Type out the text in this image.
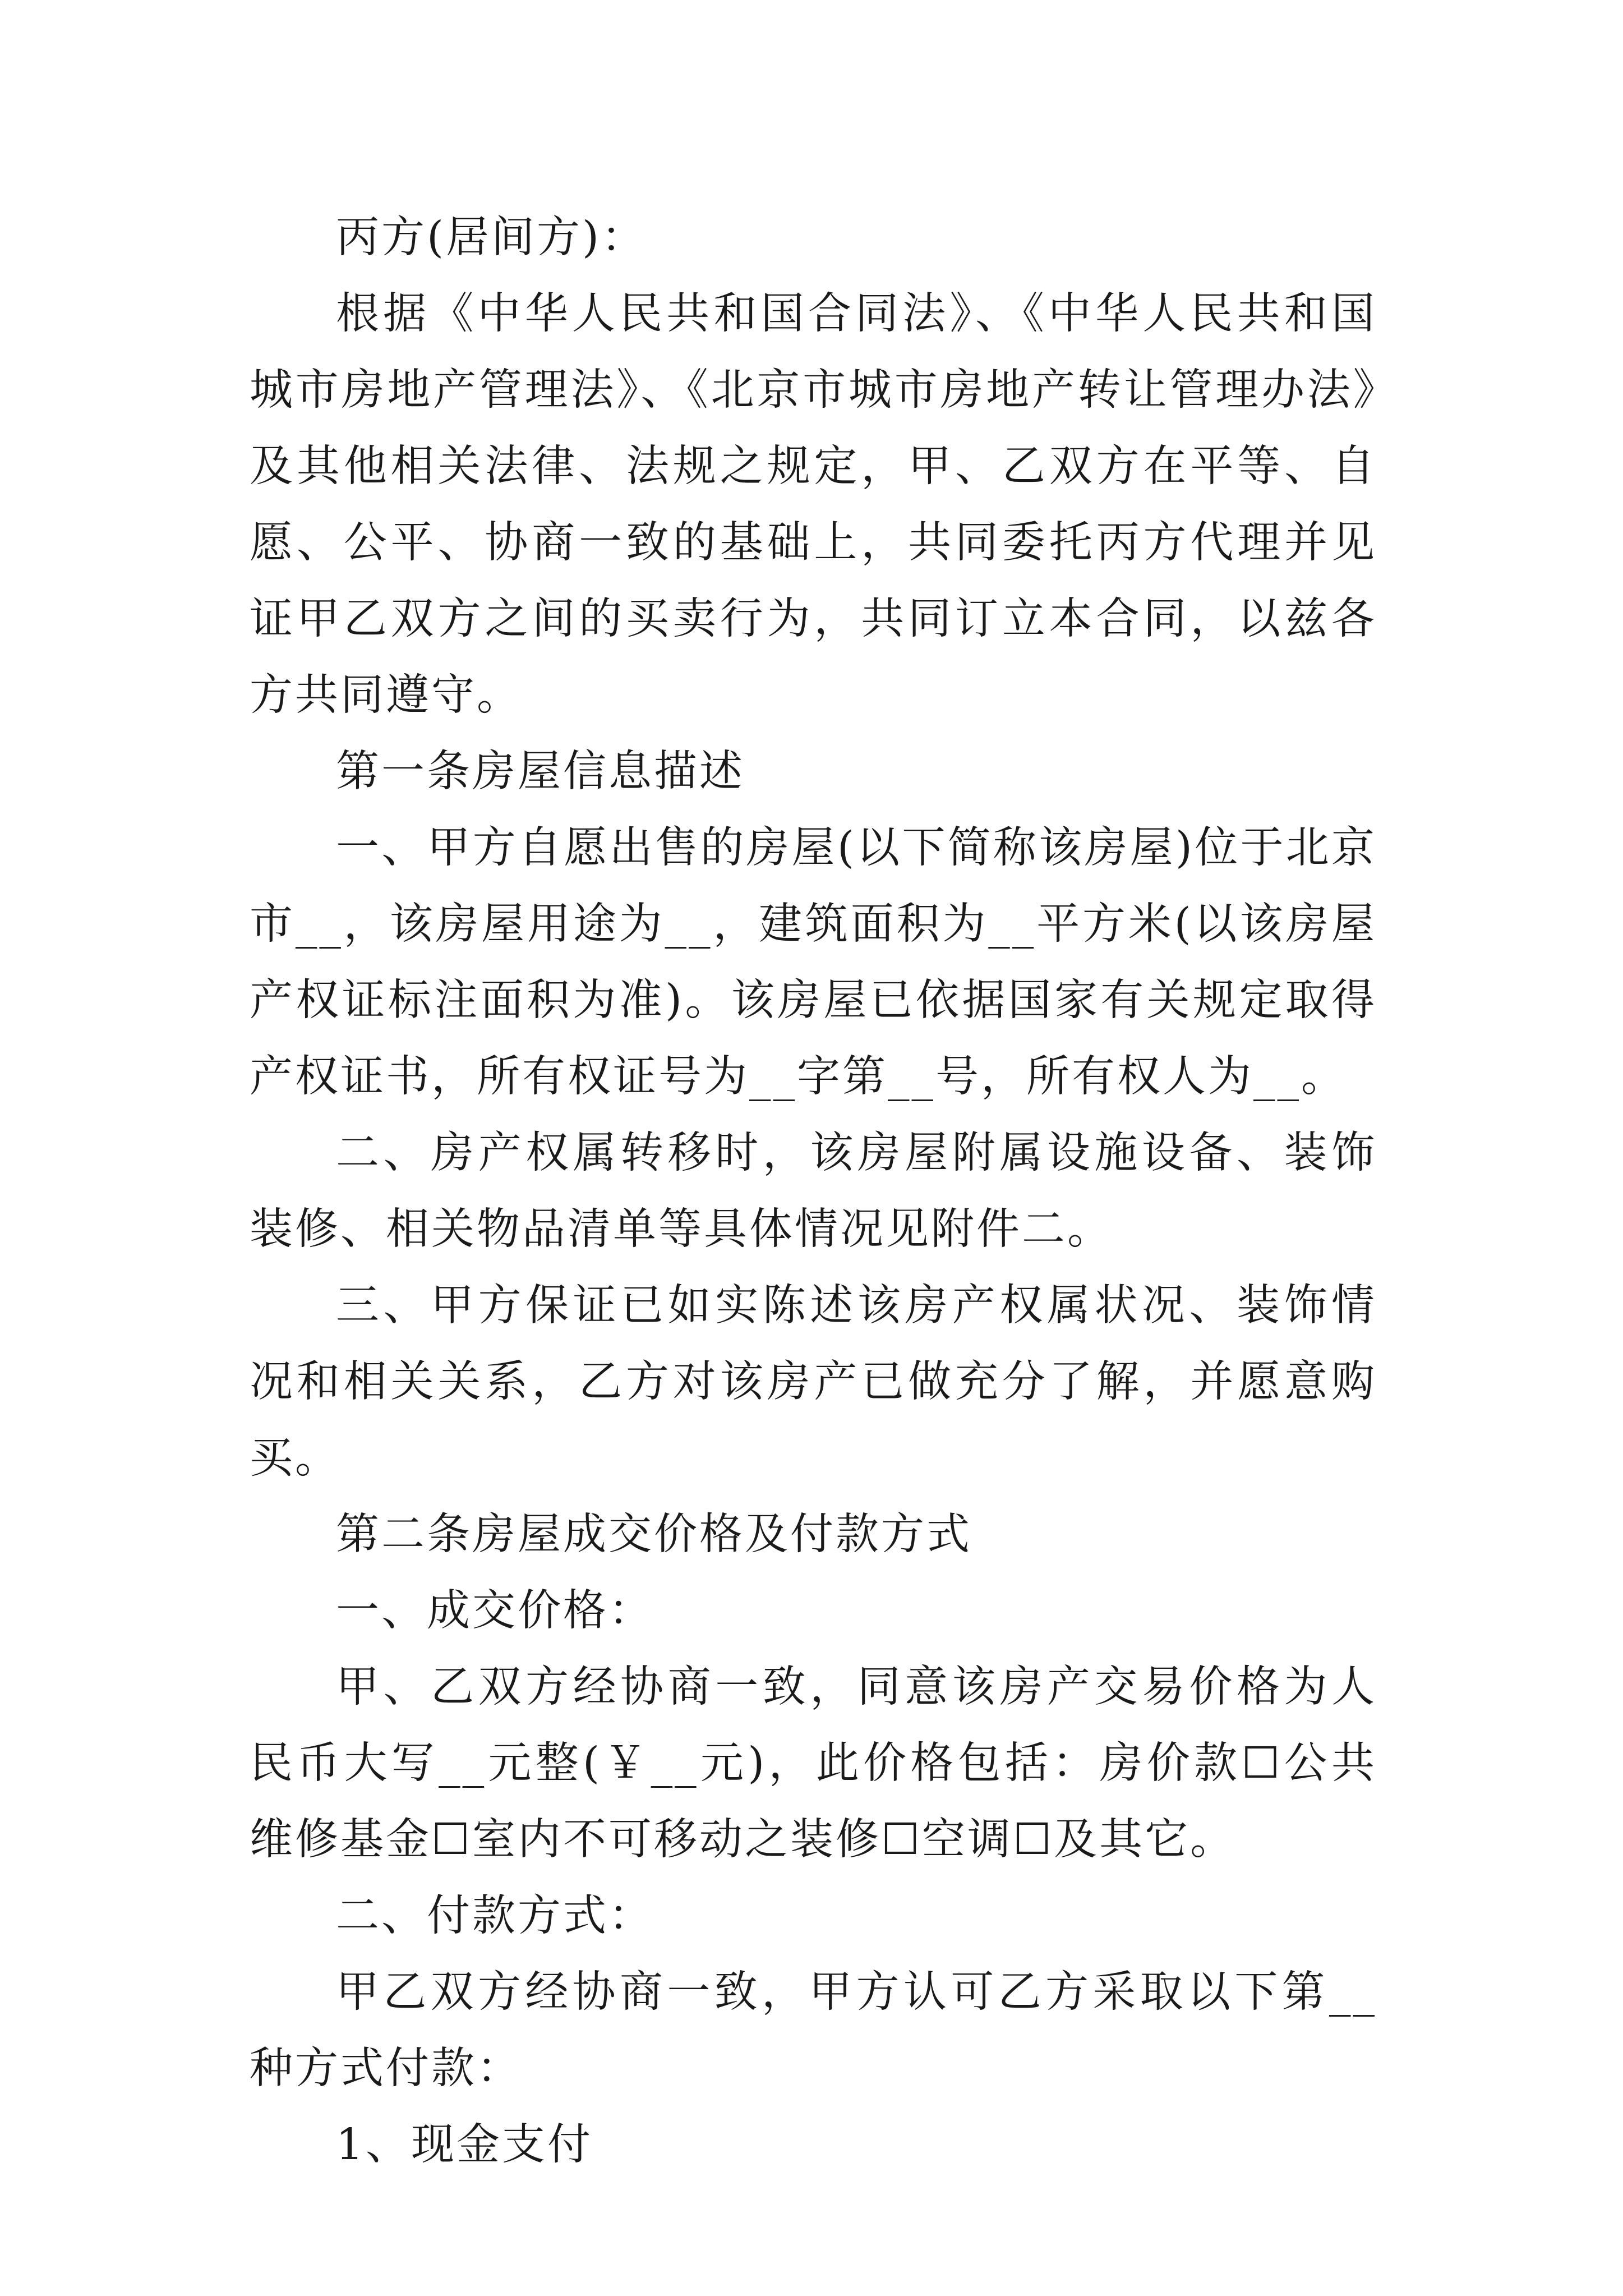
丙方(居间方)：

根据《中华人民共和国合同法》、《中华人民共和国城市房地产管理法》、《北京市城市房地产转让管理办法》及其他相关法律、法规之规定，甲、乙双方在平等、自愿、公平、协商一致的基础上，共同委托丙方代理并见证甲乙双方之间的买卖行为，共同订立本合同，以兹各方共同遵守。

第一条房屋信息描述

一、甲方自愿出售的房屋(以下简称该房屋)位于北京市__，该房屋用途为__，建筑面积为__平方米(以该房屋产权证标注面积为准)。该房屋已依据国家有关规定取得产权证书，所有权证号为__字第__号，所有权人为__。

二、房产权属转移时，该房屋附属设施设备、装饰装修、相关物品清单等具体情况见附件二。

三、甲方保证已如实陈述该房产权属状况、装饰情况和相关关系，乙方对该房产已做充分了解，并愿意购买。

第二条房屋成交价格及付款方式

一、成交价格：

甲、乙双方经协商一致，同意该房产交易价格为人民币大写__元整(￥__元)，此价格包括：房价款☐公共维修基金☐室内不可移动之装修☐空调☐及其它。

二、付款方式：

甲乙双方经协商一致，甲方认可乙方采取以下第__种方式付款：

1、现金支付
